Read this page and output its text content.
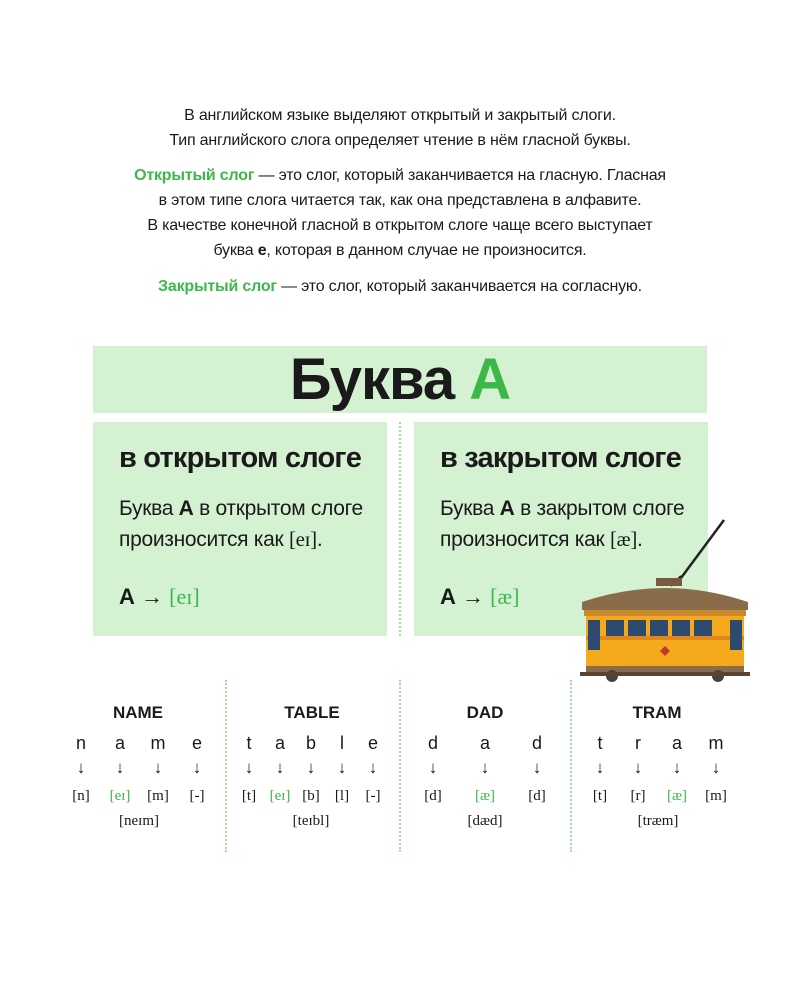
В английском языке выделяют открытый и закрытый слоги.

Тип английского слога определяет чтение в нём гласной буквы.

Открытый слог — это слог, который заканчивается на гласную. Гласная

в этом типе слога читается так, как она представлена в алфавите.

В качестве конечной гласной в открытом слоге чаще всего выступает

буква e, которая в данном случае не произносится.

Закрытый слог — это слог, который заканчивается на согласную.

Буква A
в открытом слоге
Буква A в открытом слоге
произносится как [eɪ].
A → [eɪ]
в закрытом слоге
Буква A в закрытом слоге
произносится как [æ].
A → [æ]
NAME
n a m e
↓ ↓ ↓ ↓
[n] [eɪ] [m] [-]
[neɪm]
TABLE
t a b l e
↓ ↓ ↓ ↓ ↓
[t] [eɪ] [b] [l] [-]
[teɪbl]
DAD
d a d
↓	↓	↓
[d] [æ] [d]
[dæd]
TRAM
t r a m
↓ ↓ ↓ ↓
[t] [r] [æ] [m]
[træm]
